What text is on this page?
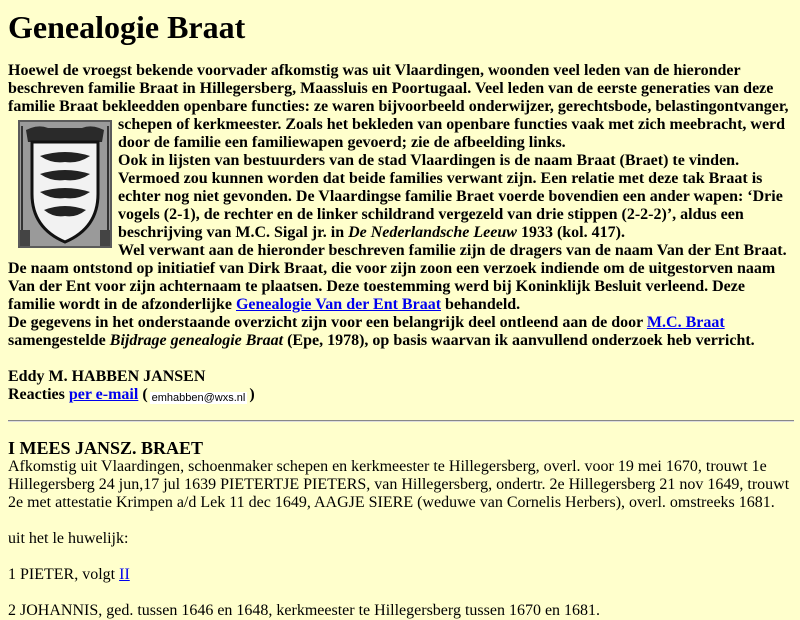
Genealogie Braat

Hoewel de vroegst bekende voorvader afkomstig was uit Vlaardingen, woonden veel leden van de hieronder beschreven familie Braat in Hillegersberg, Maassluis en Poortugaal. Veel leden van de eerste generaties van deze familie Braat bekleedden openbare functies: ze waren bijvoorbeeld onderwijzer, gerechtsbode, belastingontvanger,
schepen of kerkmeester. Zoals het bekleden van openbare functies vaak met zich meebracht, werd door de familie een familiewapen gevoerd; zie de afbeelding links.

Ook in lijsten van bestuurders van de stad Vlaardingen is de naam Braat (Braet) te vinden. Vermoed zou kunnen worden dat beide families verwant zijn. Een relatie met deze tak Braat is echter nog niet gevonden. De Vlaardingse familie Braet voerde bovendien een ander wapen: ‘Drie vogels (2-1), de rechter en de linker schildrand vergezeld van drie stippen (2-2-2)’, aldus een beschrijving van M.C. Sigal jr. in De Nederlandsche Leeuw 1933 (kol. 417).

Wel verwant aan de hieronder beschreven familie zijn de dragers van de naam Van der Ent Braat. De naam ontstond op initiatief van Dirk Braat, die voor zijn zoon een verzoek indiende om de uitgestorven naam Van der Ent voor zijn achternaam te plaatsen. Deze toestemming werd bij Koninklijk Besluit verleend. Deze familie wordt in de afzonderlijke Genealogie Van der Ent Braat behandeld.

De gegevens in het onderstaande overzicht zijn voor een belangrijk deel ontleend aan de door M.C. Braat samengestelde Bijdrage genealogie Braat (Epe, 1978), op basis waarvan ik aanvullend onderzoek heb verricht.

Eddy M. HABBEN JANSEN

Reacties per e-mail ( emhabben@wxs.nl )

I MEES JANSZ. BRAET

Afkomstig uit Vlaardingen, schoenmaker schepen en kerkmeester te Hillegersberg, overl. voor 19 mei 1670, trouwt 1e Hillegersberg 24 jun,17 jul 1639 PIETERTJE PIETERS, van Hillegersberg, ondertr. 2e Hillegersberg 21 nov 1649, trouwt 2e met attestatie Krimpen a/d Lek 11 dec 1649, AAGJE SIERE (weduwe van Cornelis Herbers), overl. omstreeks 1681.

uit het le huwelijk:

1 PIETER, volgt II

2 JOHANNIS, ged. tussen 1646 en 1648, kerkmeester te Hillegersberg tussen 1670 en 1681.
